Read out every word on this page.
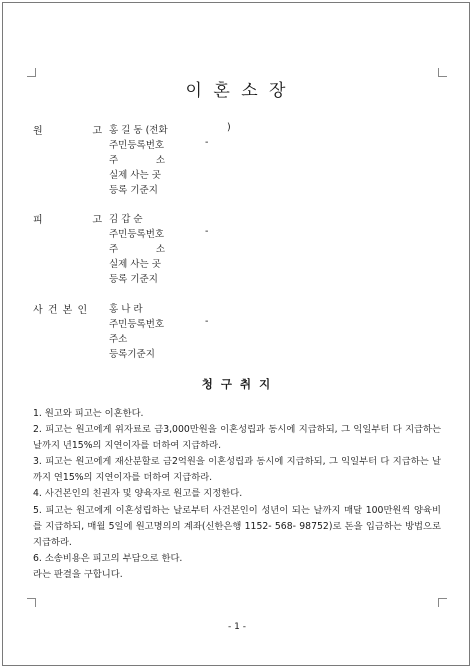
이 혼 소 장
원	고 홍 길 동 (전화	)
주민등록번호	-
주	소
실제 사는 곳
등록 기준지
피	고 김 갑 순
주민등록번호	-
주	소
실제 사는 곳
등록 기준지
사 건 본 인 홍 나 라
주민등록번호	-
주소
등록기준지
청 구 취 지

1. 원고와 피고는 이혼한다.

2. 피고는 원고에게 위자료로 금3,000만원을 이혼성립과 동시에 지급하되, 그 익일부터 다 지급하는 날까지 년15%의 지연이자를 더하여 지급하라.

3. 피고는 원고에게 재산분할로 금2억원을 이혼성립과 동시에 지급하되, 그 익일부터 다 지급하는 날까지 연15%의 지연이자를 더하여 지급하라.

4. 사건본인의 친권자 및 양육자로 원고를 지정한다.

5. 피고는 원고에게 이혼성립하는 날로부터 사건본인이 성년이 되는 날까지 매달 100만원씩 양육비를 지급하되, 매월 5일에 원고명의의 계좌(신한은행 1152- 568- 98752)로 돈을 입금하는 방법으로 지급하라.

6. 소송비용은 피고의 부담으로 한다.

라는 판결을 구합니다.

- 1 -
